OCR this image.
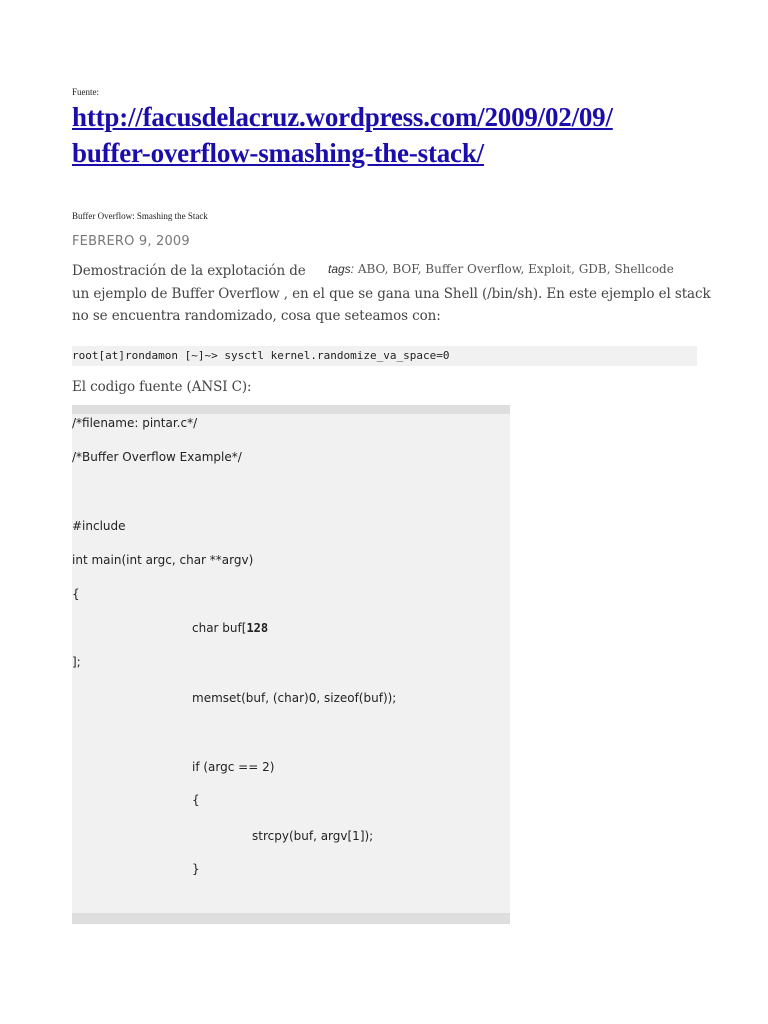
Fuente:
http://facusdelacruz.wordpress.com/2009/02/09/
buffer-overflow-smashing-the-stack/
Buffer Overflow: Smashing the Stack
FEBRERO 9, 2009
Demostración de la explotación de tags: ABO, BOF, Buffer Overflow, Exploit, GDB, Shellcode
un ejemplo de Buffer Overflow , en el que se gana una Shell (/bin/sh). En este ejemplo el stack
no se encuentra randomizado, cosa que seteamos con:
root[at]rondamon [~]~> sysctl kernel.randomize_va_space=0
El codigo fuente (ANSI C):
/*filename: pintar.c*/
/*Buffer Overflow Example*/
#include
int main(int argc, char **argv)
{
char buf[128
];
memset(buf, (char)0, sizeof(buf));
if (argc == 2)
{
strcpy(buf, argv[1]);
}
